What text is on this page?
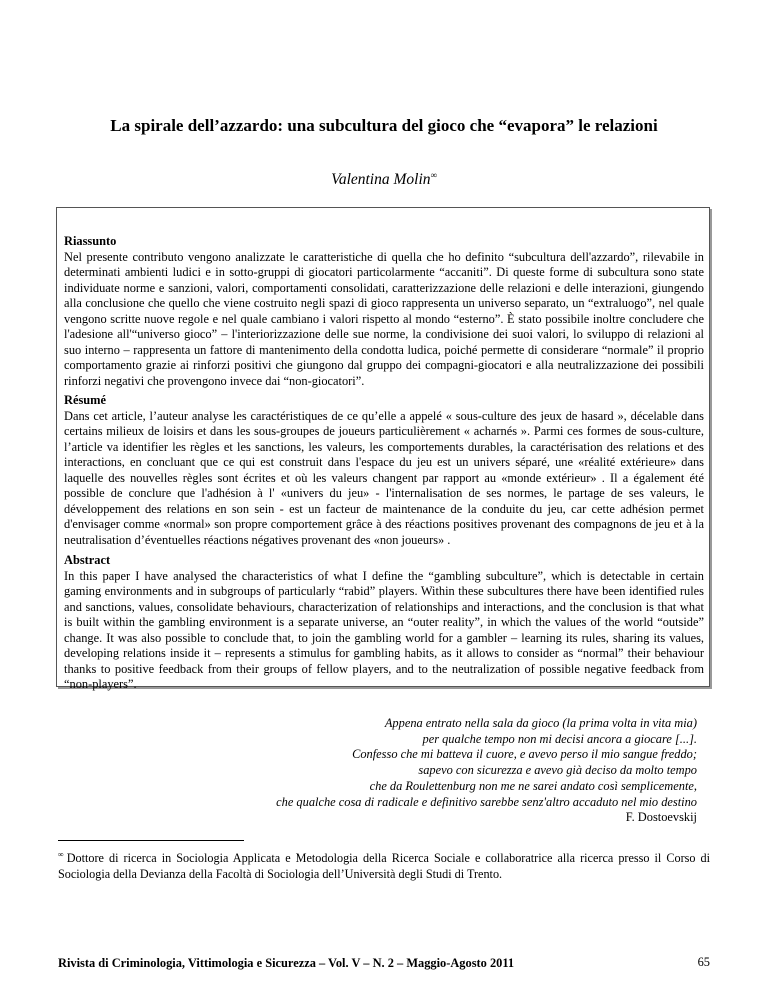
La spirale dell’azzardo: una subcultura del gioco che “evapora” le relazioni
Valentina Molin∞
Riassunto

Nel presente contributo vengono analizzate le caratteristiche di quella che ho definito “subcultura dell'azzardo”, rilevabile in determinati ambienti ludici e in sotto-gruppi di giocatori particolarmente “accaniti”. Di queste forme di subcultura sono state individuate norme e sanzioni, valori, comportamenti consolidati, caratterizzazione delle relazioni e delle interazioni, giungendo alla conclusione che quello che viene costruito negli spazi di gioco rappresenta un universo separato, un “extraluogo”, nel quale vengono scritte nuove regole e nel quale cambiano i valori rispetto al mondo “esterno”. È stato possibile inoltre concludere che l'adesione all'“universo gioco” – l'interiorizzazione delle sue norme, la condivisione dei suoi valori, lo sviluppo di relazioni al suo interno – rappresenta un fattore di mantenimento della condotta ludica, poiché permette di considerare “normale” il proprio comportamento grazie ai rinforzi positivi che giungono dal gruppo dei compagni-giocatori e alla neutralizzazione dei possibili rinforzi negativi che provengono invece dai “non-giocatori”.

Résumé

Dans cet article, l’auteur analyse les caractéristiques de ce qu’elle a appelé « sous-culture des jeux de hasard », décelable dans certains milieux de loisirs et dans les sous-groupes de joueurs particulièrement « acharnés ». Parmi ces formes de sous-culture, l’article va identifier les règles et les sanctions, les valeurs, les comportements durables, la caractérisation des relations et des interactions, en concluant que ce qui est construit dans l'espace du jeu est un univers séparé, une «réalité extérieure» dans laquelle des nouvelles règles sont écrites et où les valeurs changent par rapport au «monde extérieur» . Il a également été possible de conclure que l'adhésion à l' «univers du jeu» - l'internalisation de ses normes, le partage de ses valeurs, le développement des relations en son sein - est un facteur de maintenance de la conduite du jeu, car cette adhésion permet d'envisager comme «normal» son propre comportement grâce à des réactions positives provenant des compagnons de jeu et à la neutralisation d’éventuelles réactions négatives provenant des «non joueurs» .

Abstract

In this paper I have analysed the characteristics of what I define the “gambling subculture”, which is detectable in certain gaming environments and in subgroups of particularly “rabid” players. Within these subcultures there have been identified rules and sanctions, values, consolidate behaviours, characterization of relationships and interactions, and the conclusion is that what is built within the gambling environment is a separate universe, an “outer reality”, in which the values of the world “outside” change. It was also possible to conclude that, to join the gambling world for a gambler – learning its rules, sharing its values, developing relations inside it – represents a stimulus for gambling habits, as it allows to consider as “normal” their behaviour thanks to positive feedback from their groups of fellow players, and to the neutralization of possible negative feedback from “non-players”.

Appena entrato nella sala da gioco (la prima volta in vita mia)
per qualche tempo non mi decisi ancora a giocare [...].
Confesso che mi batteva il cuore, e avevo perso il mio sangue freddo;
sapevo con sicurezza e avevo già deciso da molto tempo
che da Roulettenburg non me ne sarei andato così semplicemente,
che qualche cosa di radicale e definitivo sarebbe senz'altro accaduto nel mio destino
F. Dostoevskij
∞ Dottore di ricerca in Sociologia Applicata e Metodologia della Ricerca Sociale e collaboratrice alla ricerca presso il Corso di Sociologia della Devianza della Facoltà di Sociologia dell’Università degli Studi di Trento.
Rivista di Criminologia, Vittimologia e Sicurezza – Vol. V – N. 2 – Maggio-Agosto 2011	65
